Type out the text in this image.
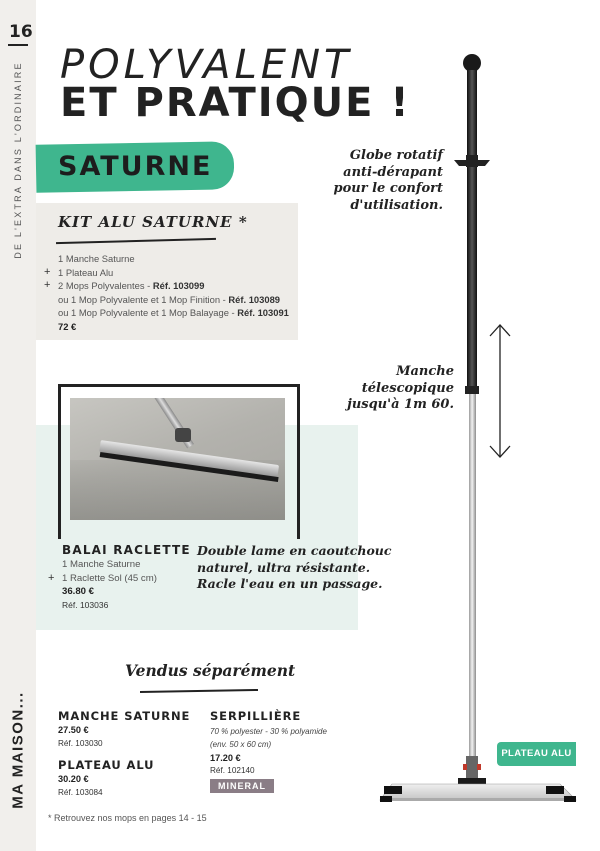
16
DE L'EXTRA DANS L'ORDINAIRE
MA MAISON...
POLYVALENT
ET PRATIQUE !
SATURNE
KIT ALU SATURNE *
1 Manche Saturne
+ 1 Plateau Alu
+ 2 Mops Polyvalentes - Réf. 103099
ou 1 Mop Polyvalente et 1 Mop Finition - Réf. 103089
ou 1 Mop Polyvalente et 1 Mop Balayage - Réf. 103091
72 €
BALAI RACLETTE
1 Manche Saturne
+ 1 Raclette Sol (45 cm)
36.80 €
Réf. 103036
Double lame en caoutchouc
naturel, ultra résistante.
Racle l'eau en un passage.
Vendus séparément
MANCHE SATURNE
27.50 €
Réf. 103030
PLATEAU ALU
30.20 €
Réf. 103084
SERPILLIÈRE
70 % polyester - 30 % polyamide
(env. 50 x 60 cm)
17.20 €
Réf. 102140
MINERAL
* Retrouvez nos mops en pages 14 - 15
Globe rotatif
anti-dérapant
pour le confort
d'utilisation.
Manche
télescopique
jusqu'à 1m 60.
PLATEAU ALU
